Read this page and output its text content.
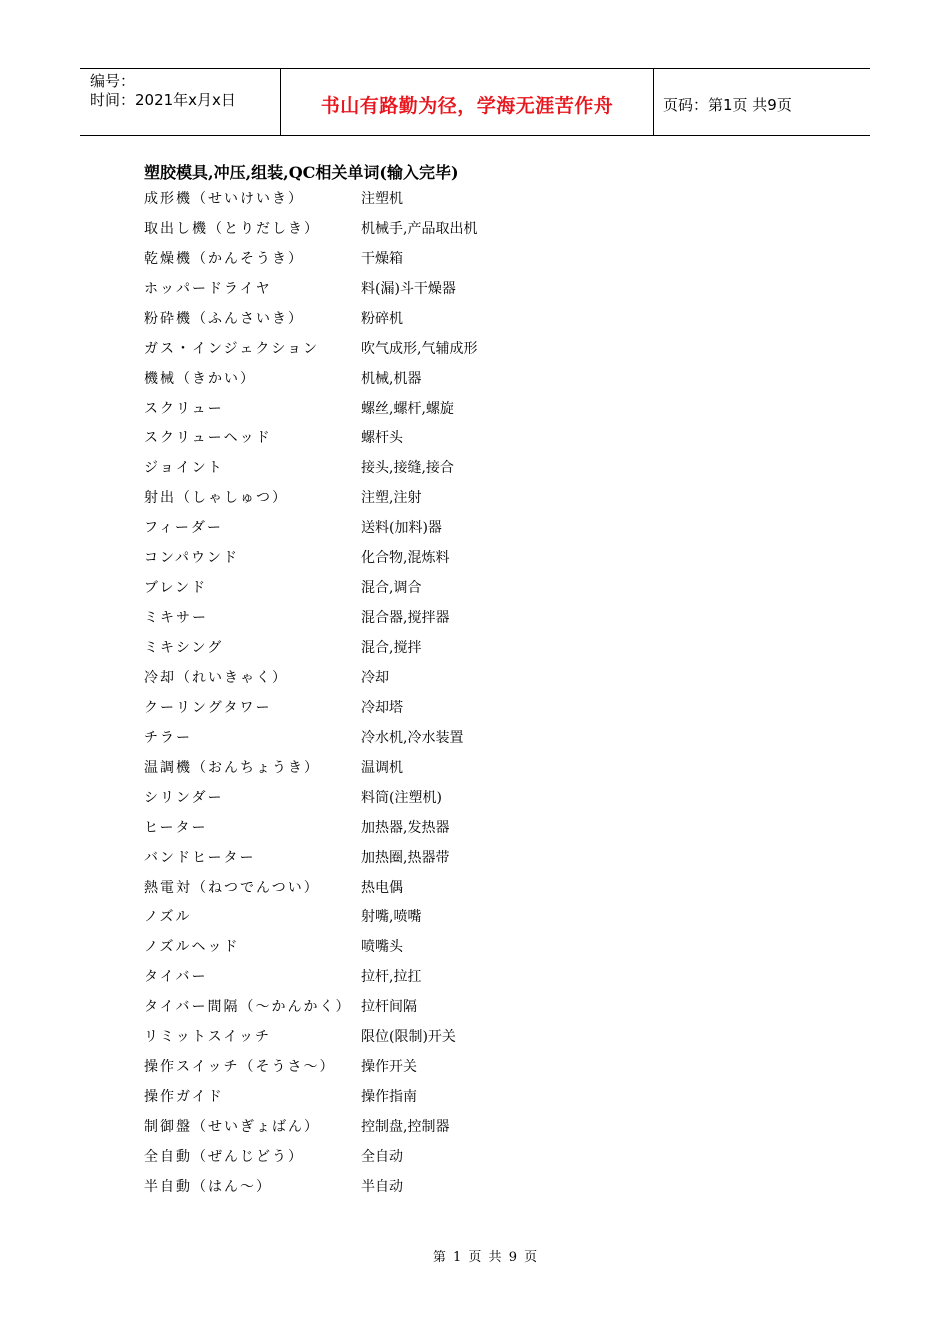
编号：
时间：2021年x月x日	书山有路勤为径，学海无涯苦作舟	页码：第1页 共9页
塑胶模具,冲压,组装,QC相关单词(输入完毕)
成形機（せいけいき）	注塑机
取出し機（とりだしき）	机械手,产品取出机
乾燥機（かんそうき）	干燥箱
ホッパードライヤ	料(漏)斗干燥器
粉砕機（ふんさいき）	粉碎机
ガス・インジェクション	吹气成形,气辅成形
機械（きかい）	机械,机器
スクリュー	螺丝,螺杆,螺旋
スクリューヘッド	螺杆头
ジョイント	接头,接缝,接合
射出（しゃしゅつ）	注塑,注射
フィーダー	送料(加料)器
コンパウンド	化合物,混炼料
ブレンド	混合,调合
ミキサー	混合器,搅拌器
ミキシング	混合,搅拌
冷却（れいきゃく）	冷却
クーリングタワー	冷却塔
チラー	冷水机,冷水装置
温調機（おんちょうき）	温调机
シリンダー	料筒(注塑机)
ヒーター	加热器,发热器
バンドヒーター	加热圈,热器带
熱電対（ねつでんつい）	热电偶
ノズル	射嘴,喷嘴
ノズルヘッド	喷嘴头
タイバー	拉杆,拉扛
タイバー間隔（～かんかく） 拉杆间隔
リミットスイッチ	限位(限制)开关
操作スイッチ（そうさ～）	操作开关
操作ガイド	操作指南
制御盤（せいぎょばん）	控制盘,控制器
全自動（ぜんじどう）	全自动
半自動（はん～）	半自动
第 1 页 共 9 页
